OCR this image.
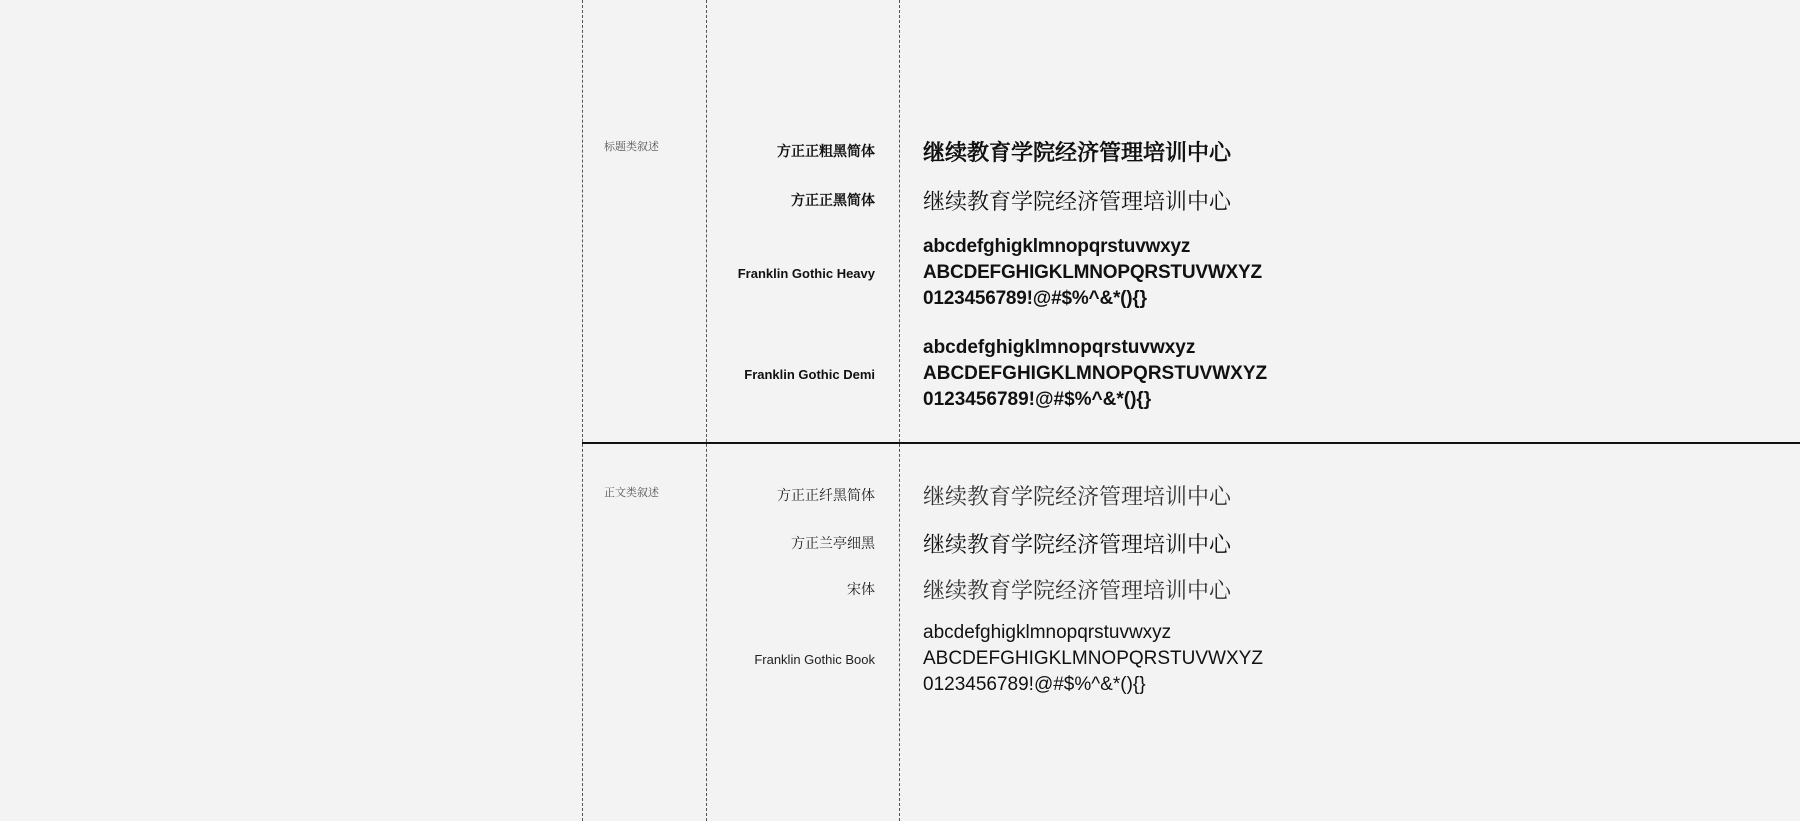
标题类叙述
正文类叙述
方正正粗黑简体 继续教育学院经济管理培训中心
方正正黑简体 继续教育学院经济管理培训中心
Franklin Gothic Heavy
abcdefghigklmnopqrstuvwxyz
ABCDEFGHIGKLMNOPQRSTUVWXYZ
0123456789!@#$%^&*(){}
Franklin Gothic Demi
abcdefghigklmnopqrstuvwxyz
ABCDEFGHIGKLMNOPQRSTUVWXYZ
0123456789!@#$%^&*(){}
方正正纤黑简体 继续教育学院经济管理培训中心
方正兰亭细黑 继续教育学院经济管理培训中心
宋体 继续教育学院经济管理培训中心
Franklin Gothic Book
abcdefghigklmnopqrstuvwxyz
ABCDEFGHIGKLMNOPQRSTUVWXYZ
0123456789!@#$%^&*(){}
